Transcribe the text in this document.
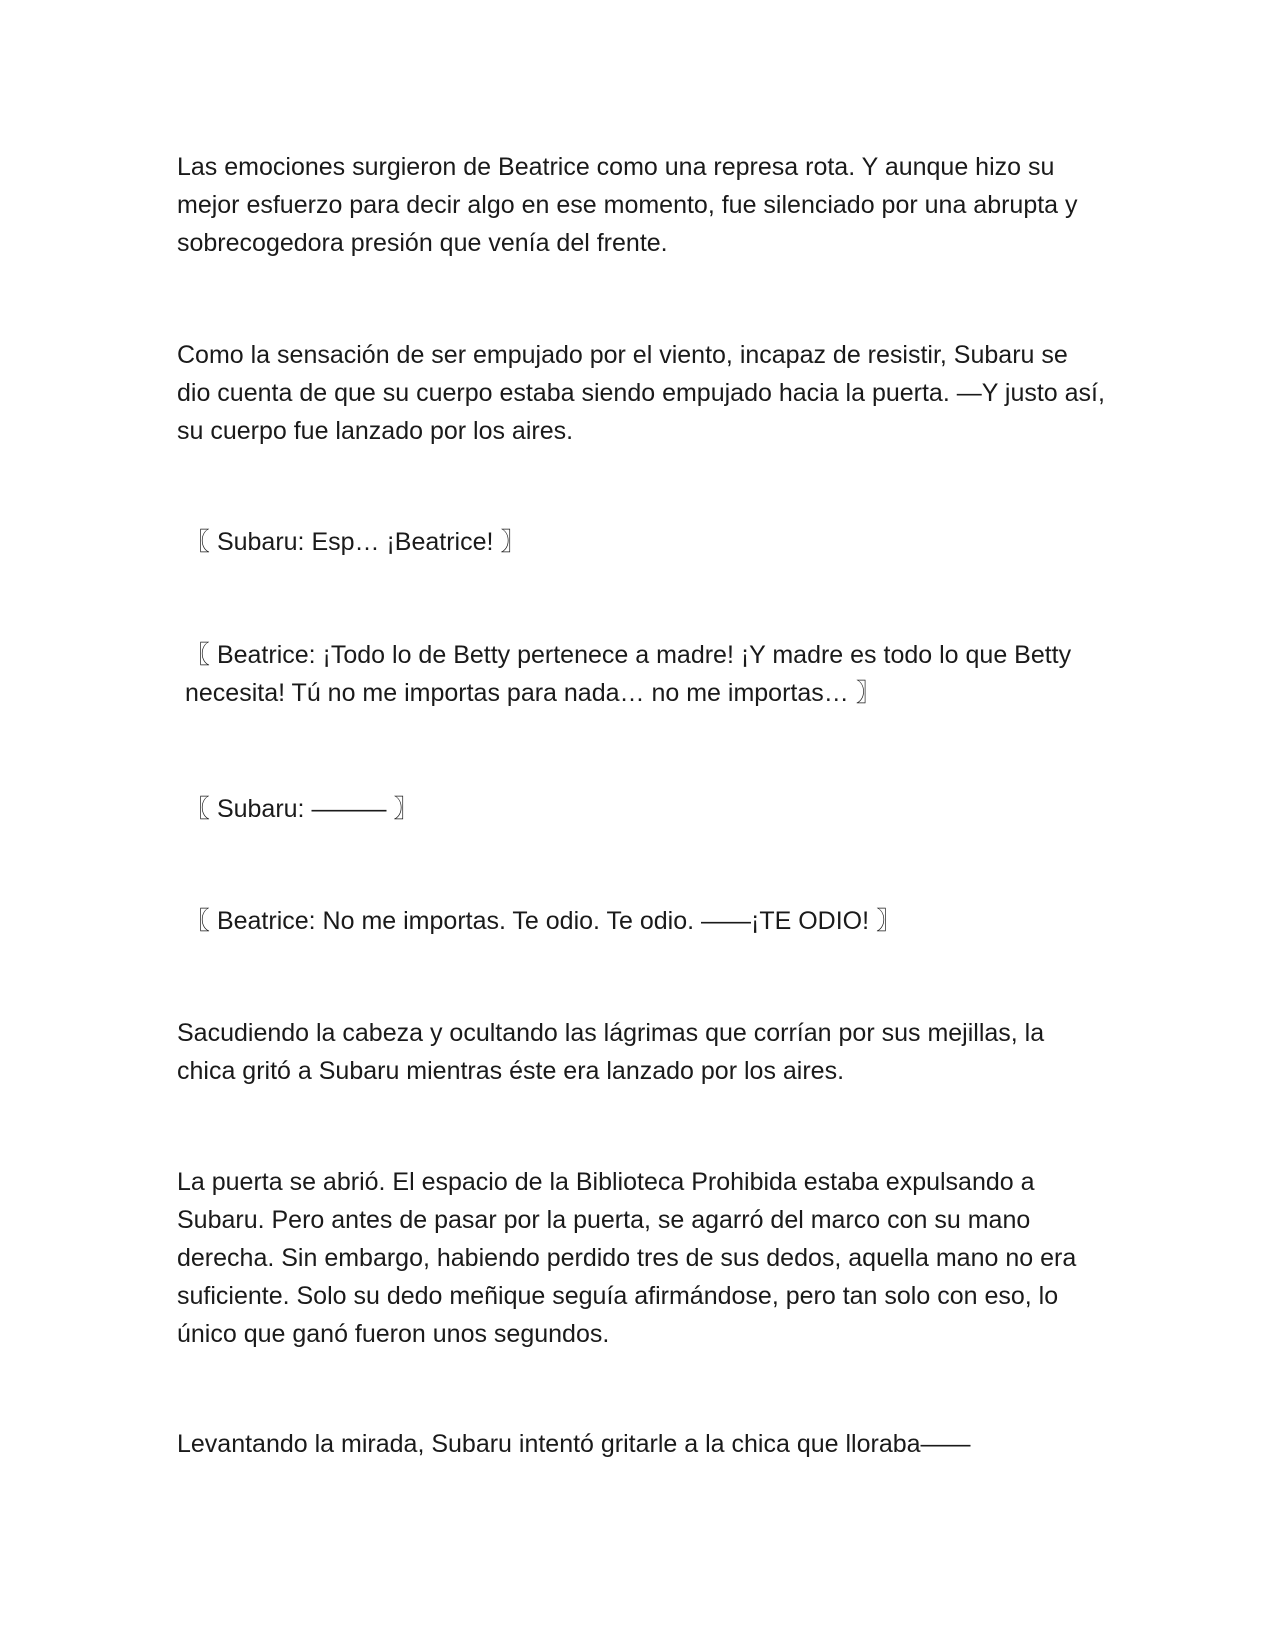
Las emociones surgieron de Beatrice como una represa rota. Y aunque hizo su mejor esfuerzo para decir algo en ese momento, fue silenciado por una abrupta y sobrecogedora presión que venía del frente.

Como la sensación de ser empujado por el viento, incapaz de resistir, Subaru se dio cuenta de que su cuerpo estaba siendo empujado hacia la puerta. —Y justo así, su cuerpo fue lanzado por los aires.

〖 Subaru: Esp… ¡Beatrice! 〗

〖 Beatrice: ¡Todo lo de Betty pertenece a madre! ¡Y madre es todo lo que Betty necesita! Tú no me importas para nada… no me importas… 〗

〖 Subaru: ——— 〗

〖 Beatrice: No me importas. Te odio. Te odio. ——¡TE ODIO! 〗

Sacudiendo la cabeza y ocultando las lágrimas que corrían por sus mejillas, la chica gritó a Subaru mientras éste era lanzado por los aires.

La puerta se abrió. El espacio de la Biblioteca Prohibida estaba expulsando a Subaru. Pero antes de pasar por la puerta, se agarró del marco con su mano derecha. Sin embargo, habiendo perdido tres de sus dedos, aquella mano no era suficiente. Solo su dedo meñique seguía afirmándose, pero tan solo con eso, lo único que ganó fueron unos segundos.

Levantando la mirada, Subaru intentó gritarle a la chica que lloraba——
